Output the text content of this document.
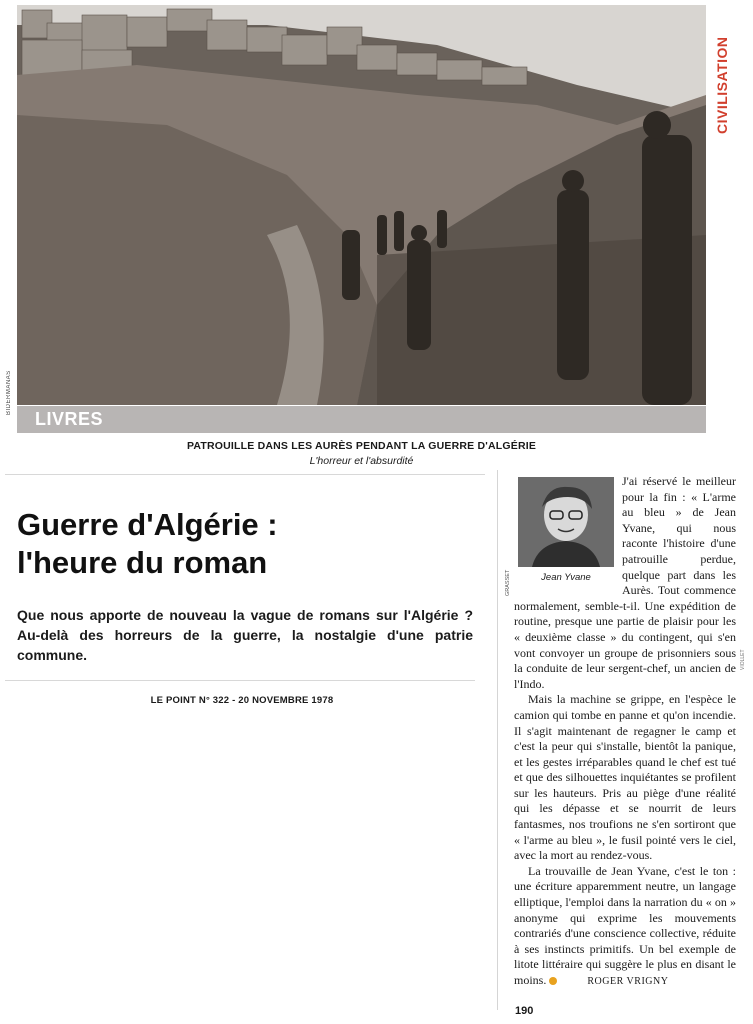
BIDERMANAS
CIVILISATION
LIVRES
PATROUILLE DANS LES AURÈS PENDANT LA GUERRE D'ALGÉRIE
L'horreur et l'absurdité
Guerre d'Algérie :
l'heure du roman
Que nous apporte de nouveau la vague de romans sur l'Algérie ? Au-delà des horreurs de la guerre, la nostalgie d'une patrie commune.
LE POINT N° 322 - 20 NOVEMBRE 1978
GRASSET	Jean Yvane

J'ai réservé le meilleur pour la fin : « L'arme au bleu » de Jean Yvane, qui nous raconte l'histoire d'une patrouille perdue, quelque part dans les Aurès. Tout commence normalement, semble-t-il. Une expédition de routine, presque une partie de plaisir pour les « deuxième classe » du contingent, qui s'en vont convoyer un groupe de prisonniers sous la conduite de leur sergent-chef, un ancien de l'Indo.

Mais la machine se grippe, en l'espèce le camion qui tombe en panne et qu'on incendie. Il s'agit maintenant de regagner le camp et c'est la peur qui s'installe, bientôt la panique, et les gestes irréparables quand le chef est tué et que des silhouettes inquiétantes se profilent sur les hauteurs. Pris au piège d'une réalité qui les dépasse et se nourrit de leurs fantasmes, nos troufions ne s'en sortiront que « l'arme au bleu », le fusil pointé vers le ciel, avec la mort au rendez-vous.

La trouvaille de Jean Yvane, c'est le ton : une écriture apparemment neutre, un langage elliptique, l'emploi dans la narration du « on » anonyme qui exprime les mouvements contrariés d'une conscience collective, réduite à ses instincts primitifs. Un bel exemple de litote littéraire qui suggère le plus en disant le moins.	ROGER VRIGNY

VIOLLET
190
